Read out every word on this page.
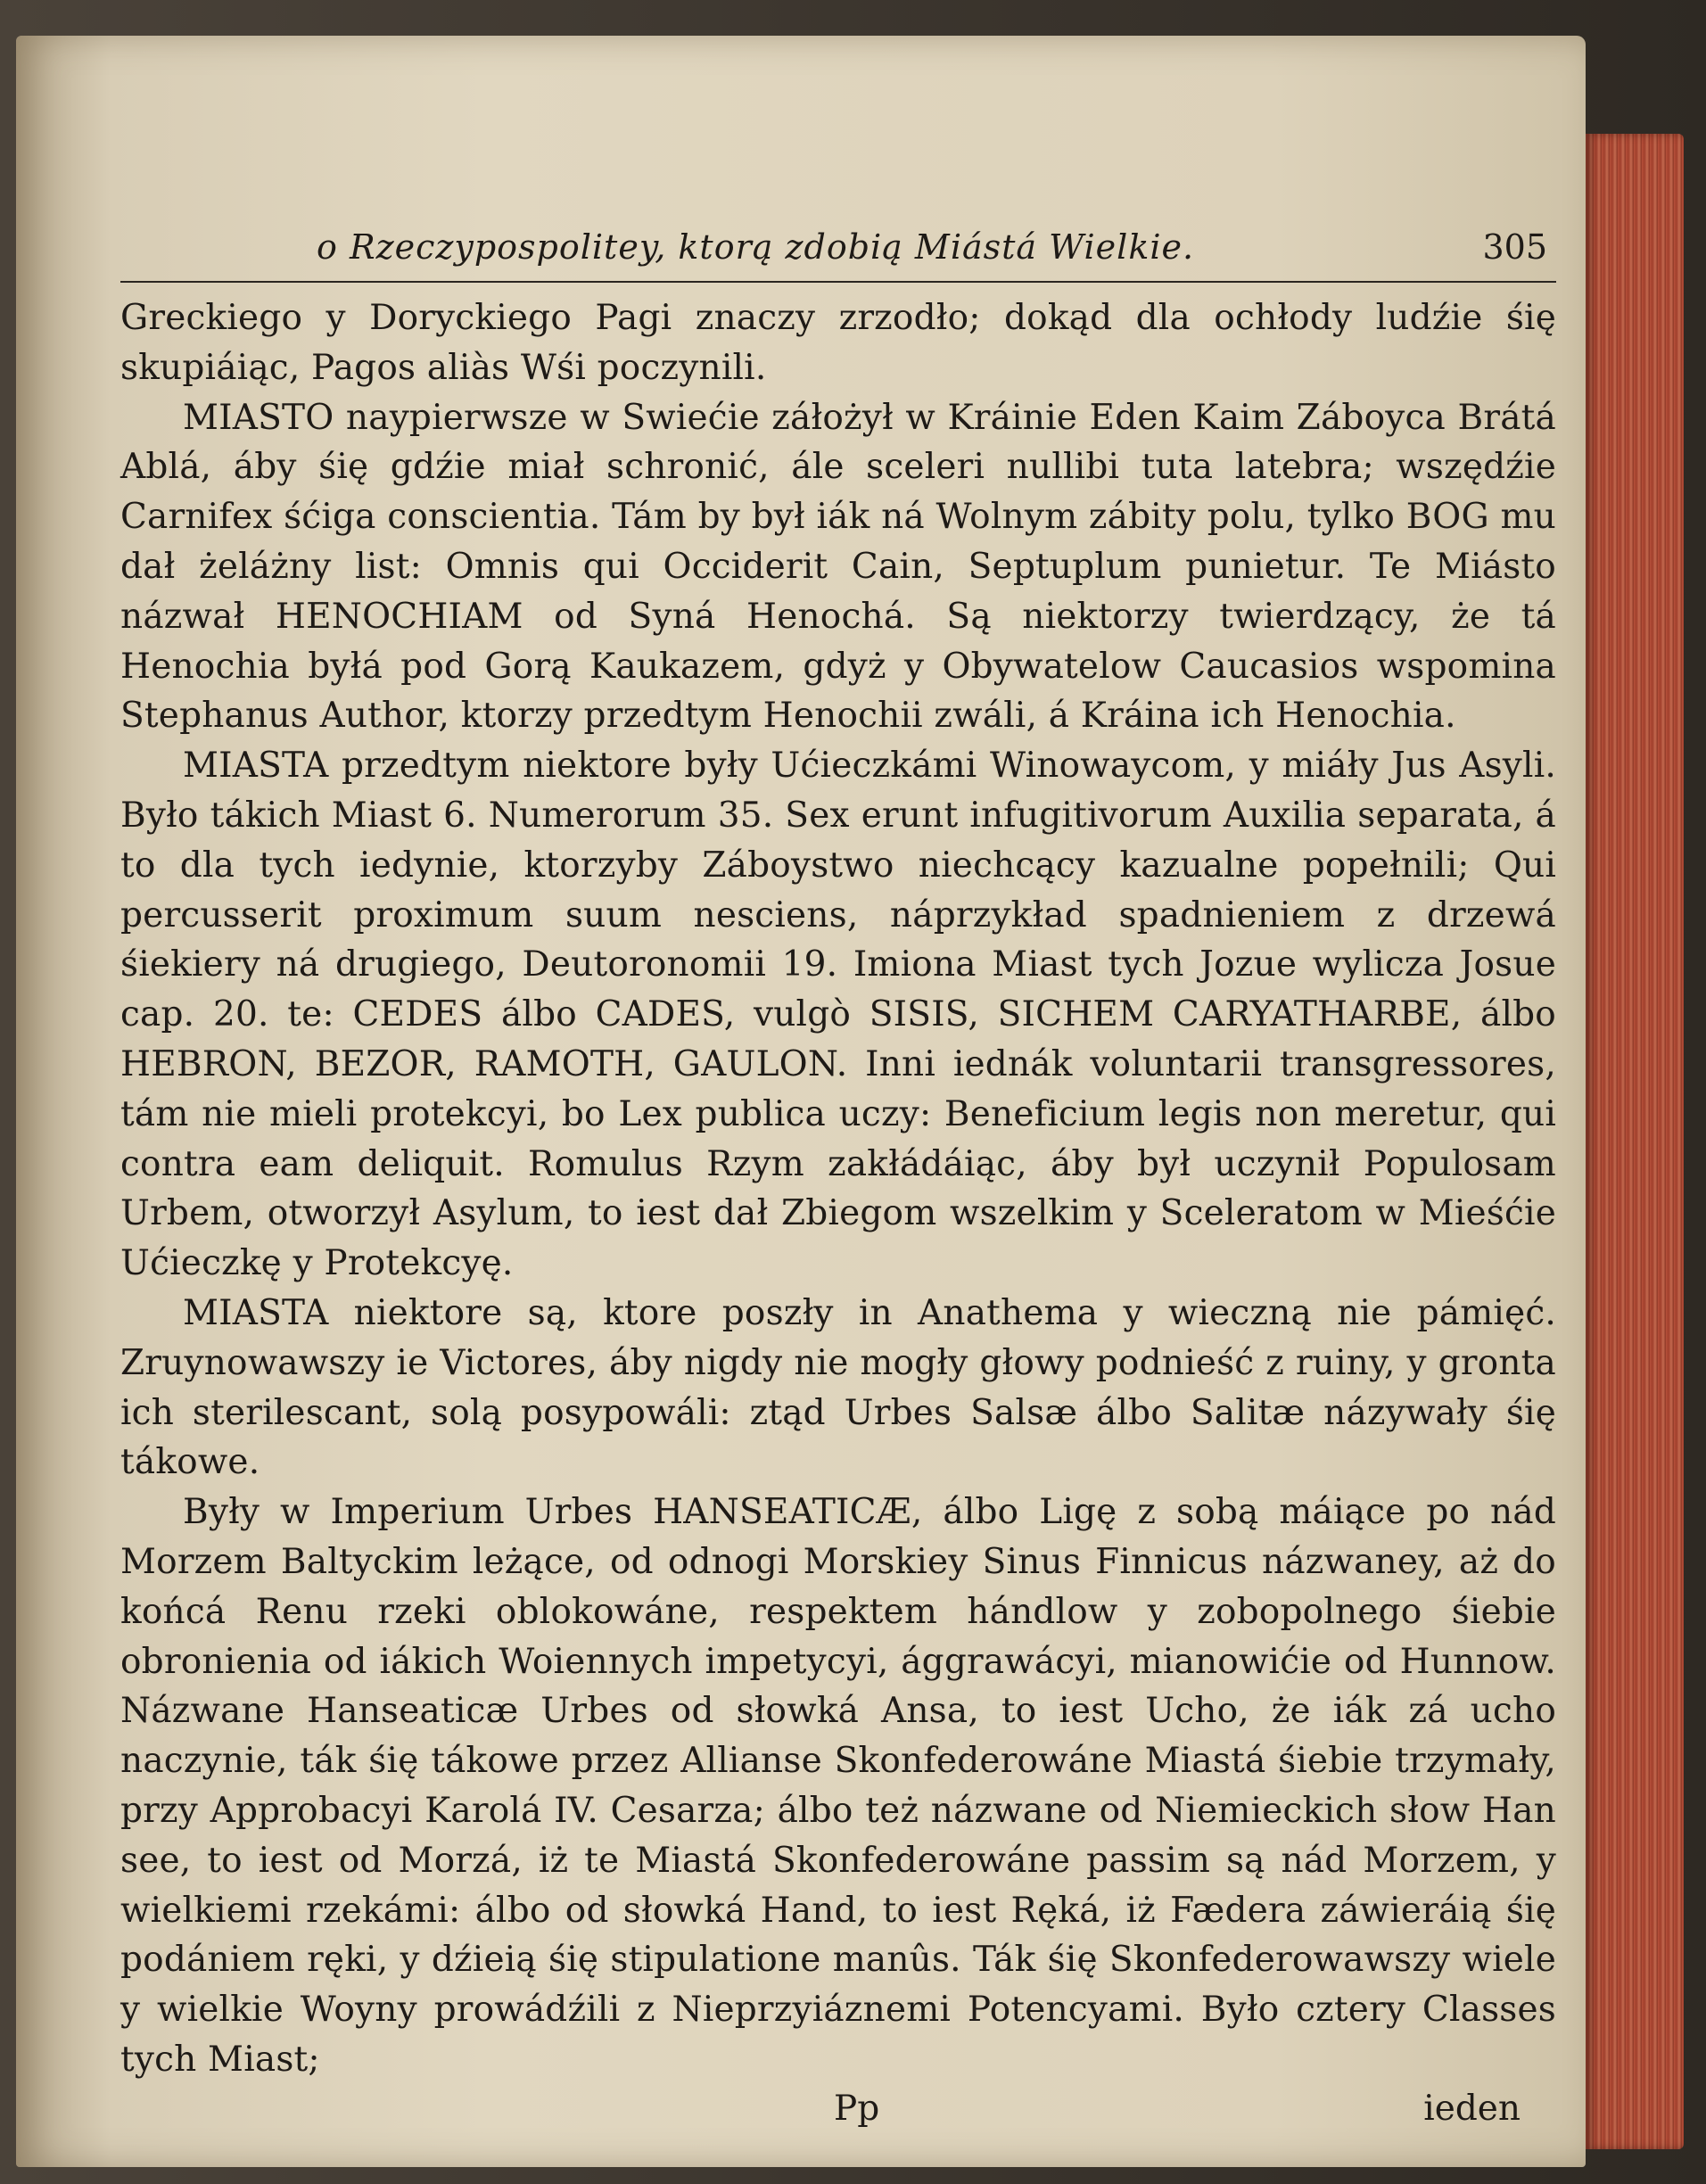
o Rzeczypospolitey, ktorą zdobią Miástá Wielkie.	305

Greckiego y Doryckiego Pagi znaczy zrzodło; dokąd dla ochłody ludźie śię skupiáiąc, Pagos aliàs Wśi poczynili.

MIASTO naypierwsze w Swiećie záłożył w Kráinie Eden Kaim Záboyca Brátá Ablá, áby śię gdźie miał schronić, ále sceleri nullibi tuta latebra; wszędźie Carnifex śćiga conscientia. Tám by był iák ná Wolnym zábity polu, tylko BOG mu dał żeláżny list: Omnis qui Occiderit Cain, Septuplum punietur. Te Miásto názwał HENOCHIAM od Syná Henochá. Są niektorzy twierdzący, że tá Henochia byłá pod Gorą Kaukazem, gdyż y Obywatelow Caucasios wspomina Stephanus Author, ktorzy przedtym Henochii zwáli, á Kráina ich Henochia.

MIASTA przedtym niektore były Ućieczkámi Winowaycom, y miáły Jus Asyli. Było tákich Miast 6. Numerorum 35. Sex erunt infugitivorum Auxilia separata, á to dla tych iedynie, ktorzyby Záboystwo niechcący kazualne popełnili; Qui percusserit proximum suum nesciens, náprzykład spadnieniem z drzewá śiekiery ná drugiego, Deutoronomii 19. Imiona Miast tych Jozue wylicza Josue cap. 20. te: CEDES álbo CADES, vulgò SISIS, SICHEM CARYATHARBE, álbo HEBRON, BEZOR, RAMOTH, GAULON. Inni iednák voluntarii transgressores, tám nie mieli protekcyi, bo Lex publica uczy: Beneficium legis non meretur, qui contra eam deliquit. Romulus Rzym zakłádáiąc, áby był uczynił Populosam Urbem, otworzył Asylum, to iest dał Zbiegom wszelkim y Sceleratom w Mieśćie Ućieczkę y Protekcyę.

MIASTA niektore są, ktore poszły in Anathema y wieczną nie pámięć. Zruynowawszy ie Victores, áby nigdy nie mogły głowy podnieść z ruiny, y gronta ich sterilescant, solą posypowáli: ztąd Urbes Salsæ álbo Salitæ názywały śię tákowe.

Były w Imperium Urbes HANSEATICÆ, álbo Ligę z sobą máiące po nád Morzem Baltyckim leżące, od odnogi Morskiey Sinus Finnicus názwaney, aż do końcá Renu rzeki oblokowáne, respektem hándlow y zobopolnego śiebie obronienia od iákich Woiennych impetycyi, ággrawácyi, mianowićie od Hunnow. Názwane Hanseaticæ Urbes od słowká Ansa, to iest Ucho, że iák zá ucho naczynie, ták śię tákowe przez Allianse Skonfederowáne Miastá śiebie trzymały, przy Approbacyi Karolá IV. Cesarza; álbo też názwane od Niemieckich słow Han see, to iest od Morzá, iż te Miastá Skonfederowáne passim są nád Morzem, y wielkiemi rzekámi: álbo od słowká Hand, to iest Ręká, iż Fædera záwieráią śię podániem ręki, y dźieią śię stipulatione manûs. Ták śię Skonfederowawszy wiele y wielkie Woyny prowádźili z Nieprzyiáznemi Potencyami. Było cztery Classes tych Miast;

Pp	ieden
